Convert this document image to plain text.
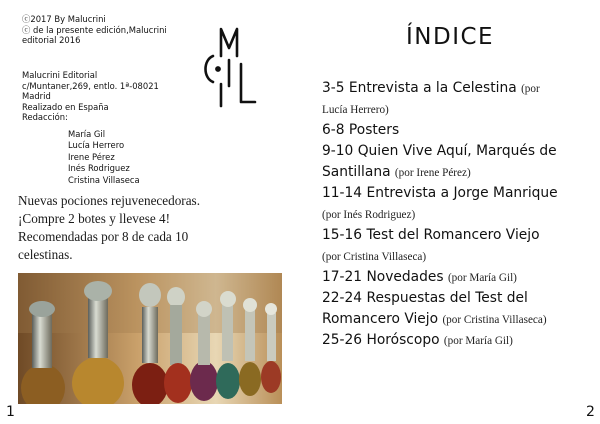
ⓒ2017 By Malucrini
ⓒ de la presente edición,Malucrini
editorial 2016
Malucrini Editorial
c/Muntaner,269, entlo. 1ª-08021
Madrid
Realizado en España
Redacción:
María Gil
Lucía Herrero
Irene Pérez
Inés Rodriguez
Cristina Villaseca
Nuevas pociones rejuvenecedoras.
¡Compre 2 botes y llevese 4!
Recomendadas por 8 de cada 10
celestinas.
1
ÍNDICE
3-5 Entrevista a la Celestina (por
Lucía Herrero)
6-8 Posters
9-10 Quien Vive Aquí, Marqués de
Santillana (por Irene Pérez)
11-14 Entrevista a Jorge Manrique
(por Inés Rodriguez)
15-16 Test del Romancero Viejo
(por Cristina Villaseca)
17-21 Novedades (por María Gil)
22-24 Respuestas del Test del
Romancero Viejo (por Cristina Villaseca)
25-26 Horóscopo (por María Gil)
2
